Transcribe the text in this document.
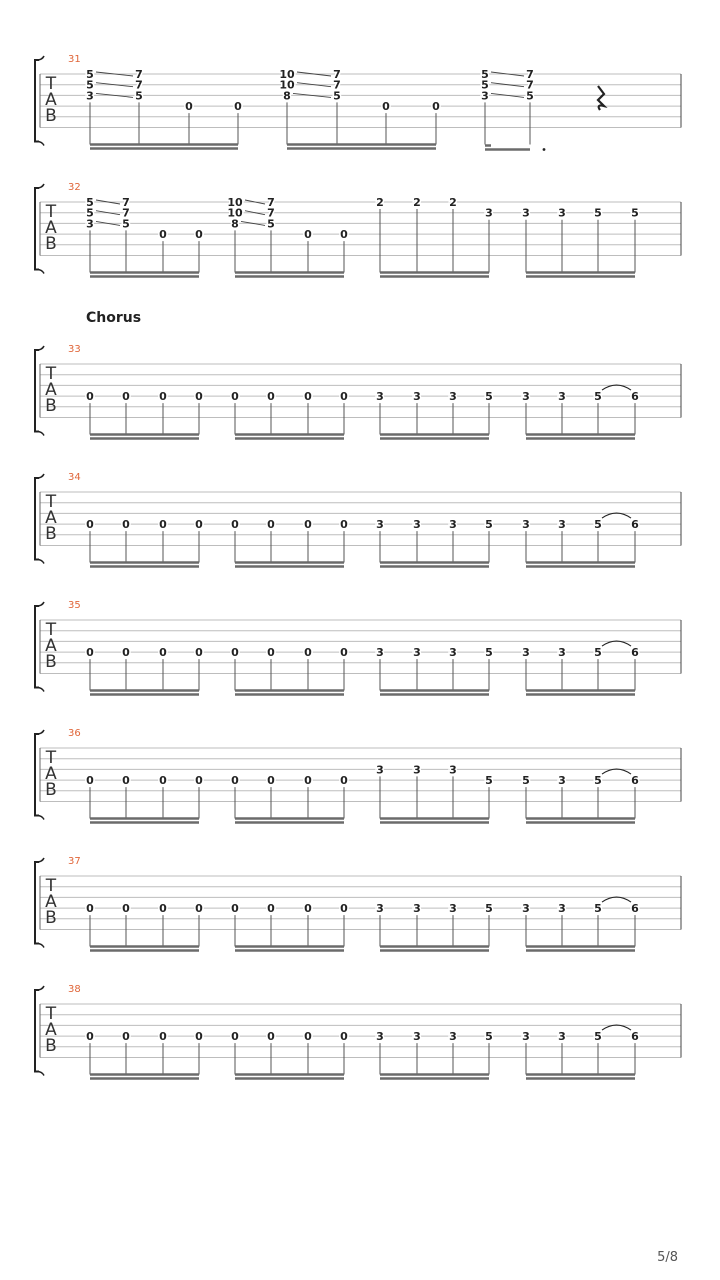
T
A
B
31
5
5
3
7
7
5
0	0
10
10
8
7
7
5
0	0
5
5
3
7
7
5
T
A
B
32
5
5
3
7
7
5
0	0
10
10
8
7
7
5
0	0
2	2	2
3	3	3	5	5
T
A
B
33
0	0	0	0	0	0	0	0	3	3	3	5	3	3	5	6
T
A
B
34
0	0	0	0	0	0	0	0	3	3	3	5	3	3	5	6
T
A
B
35
0	0	0	0	0	0	0	0	3	3	3	5	3	3	5	6
T
A
B
36
0	0	0	0	0	0	0	0
3	3	3
5	5	3	5	6
T
A
B
37
0	0	0	0	0	0	0	0	3	3	3	5	3	3	5	6
T
A
B
38
0	0	0	0	0	0	0	0	3	3	3	5	3	3	5	6
Chorus
5/8
